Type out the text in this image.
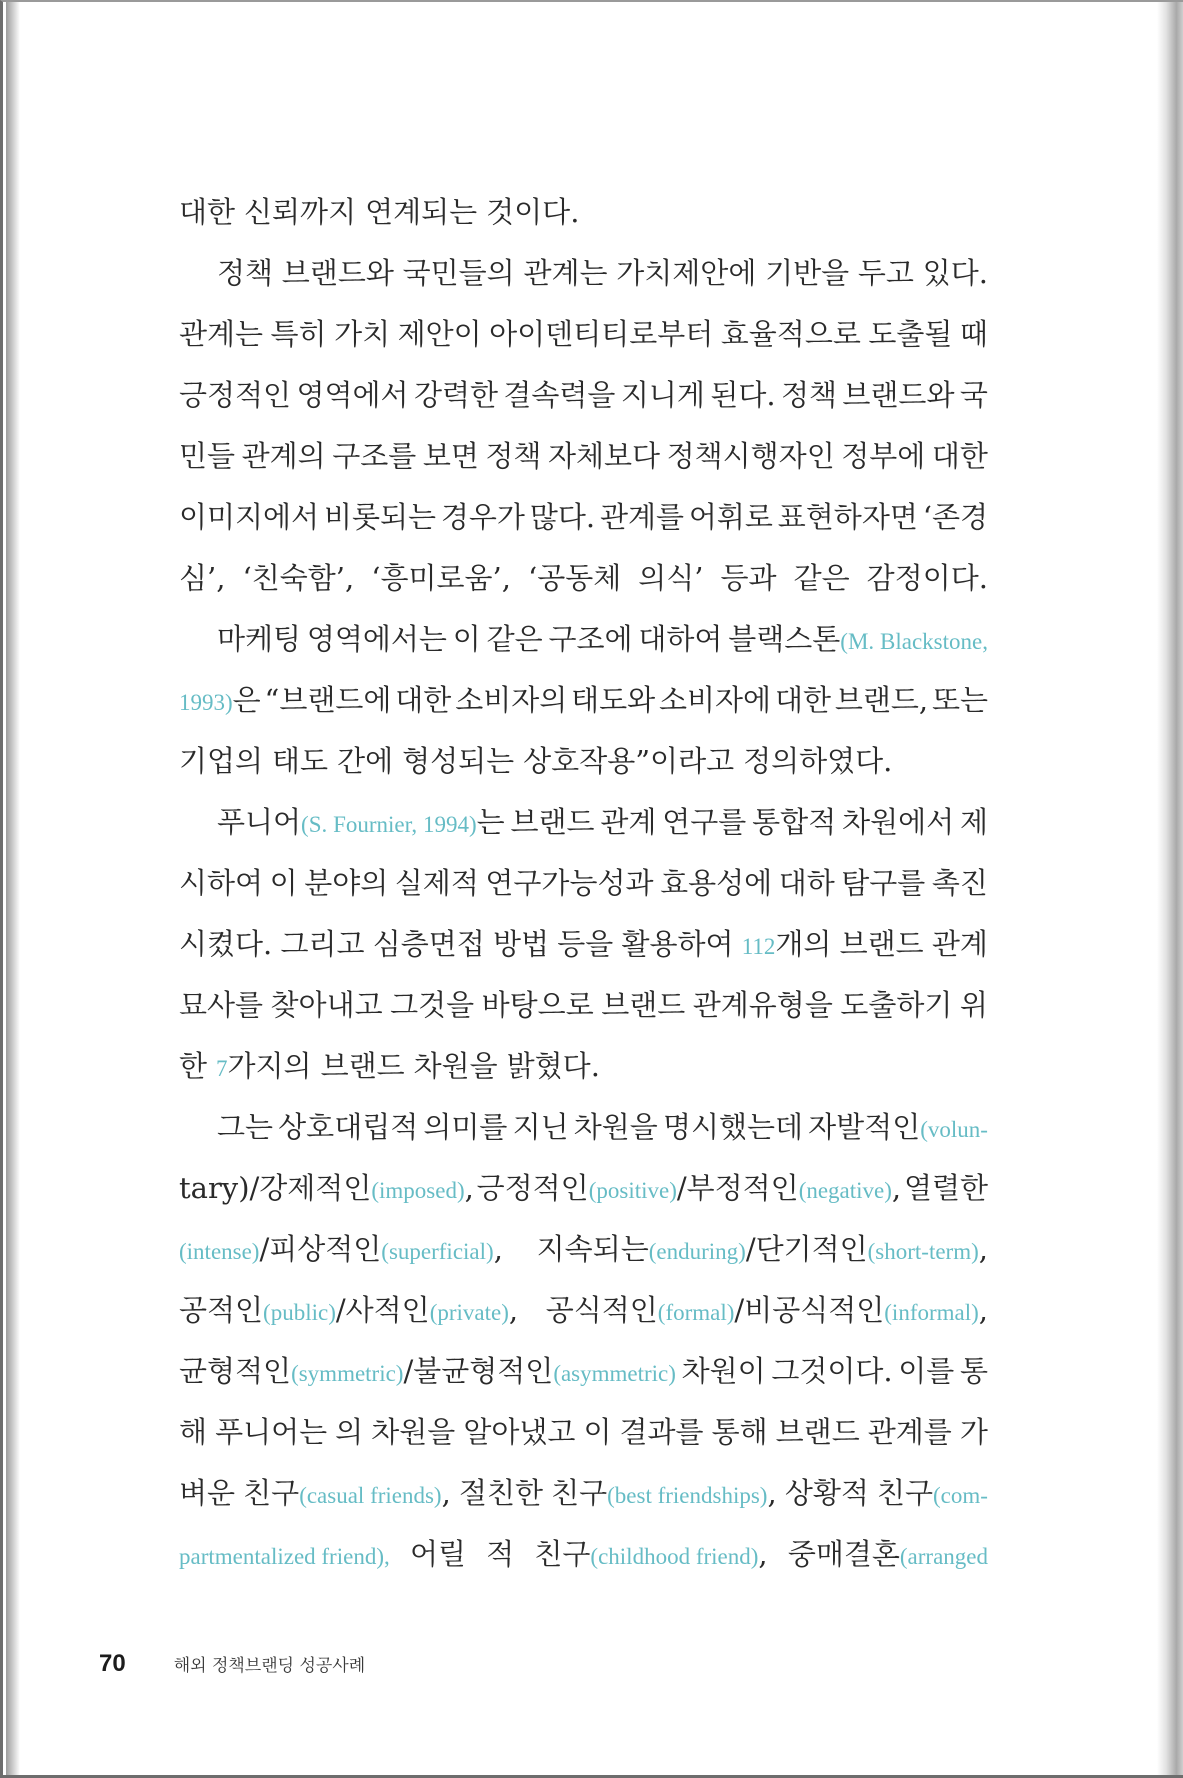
대한 신뢰까지 연계되는 것이다.
정책 브랜드와 국민들의 관계는 가치제안에 기반을 두고 있다.
관계는 특히 가치 제안이 아이덴티티로부터 효율적으로 도출될 때
긍정적인 영역에서 강력한 결속력을 지니게 된다. 정책 브랜드와 국
민들 관계의 구조를 보면 정책 자체보다 정책시행자인 정부에 대한
이미지에서 비롯되는 경우가 많다. 관계를 어휘로 표현하자면 ‘존경
심’, ‘친숙함’, ‘흥미로움’, ‘공동체 의식’ 등과 같은 감정이다.
마케팅 영역에서는 이 같은 구조에 대하여 블랙스톤(M. Blackstone,
1993)은 “브랜드에 대한 소비자의 태도와 소비자에 대한 브랜드, 또는
기업의 태도 간에 형성되는 상호작용”이라고 정의하였다.
푸니어(S. Fournier, 1994)는 브랜드 관계 연구를 통합적 차원에서 제
시하여 이 분야의 실제적 연구가능성과 효용성에 대하 탐구를 촉진
시켰다. 그리고 심층면접 방법 등을 활용하여 112개의 브랜드 관계
묘사를 찾아내고 그것을 바탕으로 브랜드 관계유형을 도출하기 위
한 7가지의 브랜드 차원을 밝혔다.
그는 상호대립적 의미를 지닌 차원을 명시했는데 자발적인(volun-
tary)/강제적인(imposed), 긍정적인(positive)/부정적인(negative), 열렬한
(intense)/피상적인(superficial), 지속되는(enduring)/단기적인(short-term),
공적인(public)/사적인(private), 공식적인(formal)/비공식적인(informal),
균형적인(symmetric)/불균형적인(asymmetric) 차원이 그것이다. 이를 통
해 푸니어는 의 차원을 알아냈고 이 결과를 통해 브랜드 관계를 가
벼운 친구(casual friends), 절친한 친구(best friendships), 상황적 친구(com-
partmentalized friend), 어릴 적 친구(childhood friend), 중매결혼(arranged
70	해외 정책브랜딩 성공사례
